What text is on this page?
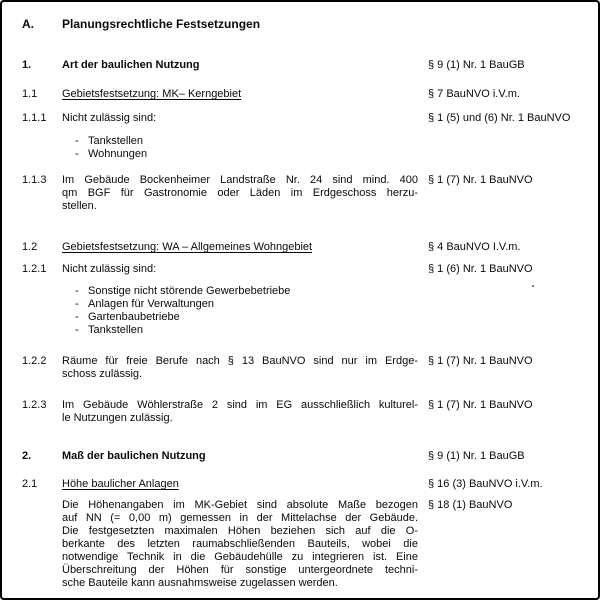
A.	Planungsrechtliche Festsetzungen
1.	Art der baulichen Nutzung	§ 9 (1) Nr. 1 BauGB
1.1	Gebietsfestsetzung: MK– Kerngebiet	§ 7 BauNVO i.V.m.
1.1.1	Nicht zulässig sind:	§ 1 (5) und (6) Nr. 1 BauNVO
- Tankstellen
- Wohnungen
1.1.3	Im Gebäude Bockenheimer Landstraße Nr. 24 sind mind. 400
qm BGF für Gastronomie oder Läden im Erdgeschoss herzu-
stellen.
§ 1 (7) Nr. 1 BauNVO
1.2	Gebietsfestsetzung: WA – Allgemeines Wohngebiet	§ 4 BauNVO I.V.m.
1.2.1	Nicht zulässig sind:	§ 1 (6) Nr. 1 BauNVO
- Sonstige nicht störende Gewerbebetriebe
- Anlagen für Verwaltungen
- Gartenbaubetriebe
- Tankstellen
1.2.2	Räume für freie Berufe nach § 13 BauNVO sind nur im Erdge-
schoss zulässig.
§ 1 (7) Nr. 1 BauNVO
1.2.3	Im Gebäude Wöhlerstraße 2 sind im EG ausschließlich kulturel-
le Nutzungen zulässig.
§ 1 (7) Nr. 1 BauNVO
2.	Maß der baulichen Nutzung	§ 9 (1) Nr. 1 BauGB
2.1	Höhe baulicher Anlagen	§ 16 (3) BauNVO i.V.m.
Die Höhenangaben im MK-Gebiet sind absolute Maße bezogen
auf NN (= 0,00 m) gemessen in der Mittelachse der Gebäude.
Die festgesetzten maximalen Höhen beziehen sich auf die O-
berkante des letzten raumabschließenden Bauteils, wobei die
notwendige Technik in die Gebäudehülle zu integrieren ist. Eine
Überschreitung der Höhen für sonstige untergeordnete techni-
sche Bauteile kann ausnahmsweise zugelassen werden.
§ 18 (1) BauNVO
